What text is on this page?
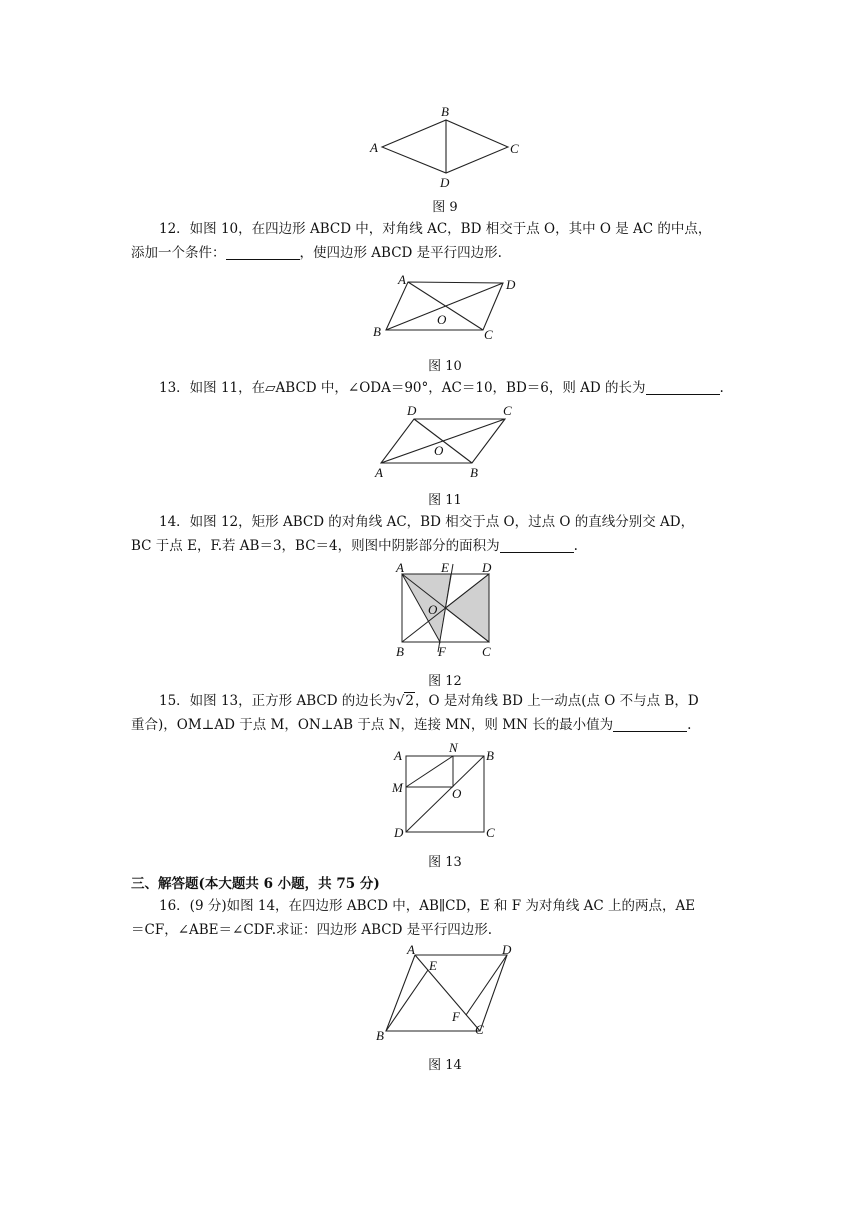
A
B
C
D
图 9
12．如图 10，在四边形 ABCD 中，对角线 AC，BD 相交于点 O，其中 O 是 AC 的中点，
添加一个条件：	，使四边形 ABCD 是平行四边形.
A
B	C
D
O
图 10
13．如图 11，在▱ABCD 中，∠ODA＝90°，AC＝10，BD＝6，则 AD 的长为	.
A	B
C
D
O
图 11
14．如图 12，矩形 ABCD 的对角线 AC，BD 相交于点 O，过点 O 的直线分别交 AD，
BC 于点 E，F.若 AB＝3，BC＝4，则图中阴影部分的面积为	.
A	E	D
O
B	F	C
图 12
15．如图 13，正方形 ABCD 的边长为√2，O 是对角线 BD 上一动点(点 O 不与点 B，D
重合)，OM⊥AD 于点 M，ON⊥AB 于点 N，连接 MN，则 MN 长的最小值为	.
A
N
B
M	O
D	C
图 13
三、解答题(本大题共 6 小题，共 75 分)
16．(9 分)如图 14，在四边形 ABCD 中，AB∥CD，E 和 F 为对角线 AC 上的两点，AE
＝CF，∠ABE＝∠CDF.求证：四边形 ABCD 是平行四边形.
A
E
D
F
B	C
图 14
